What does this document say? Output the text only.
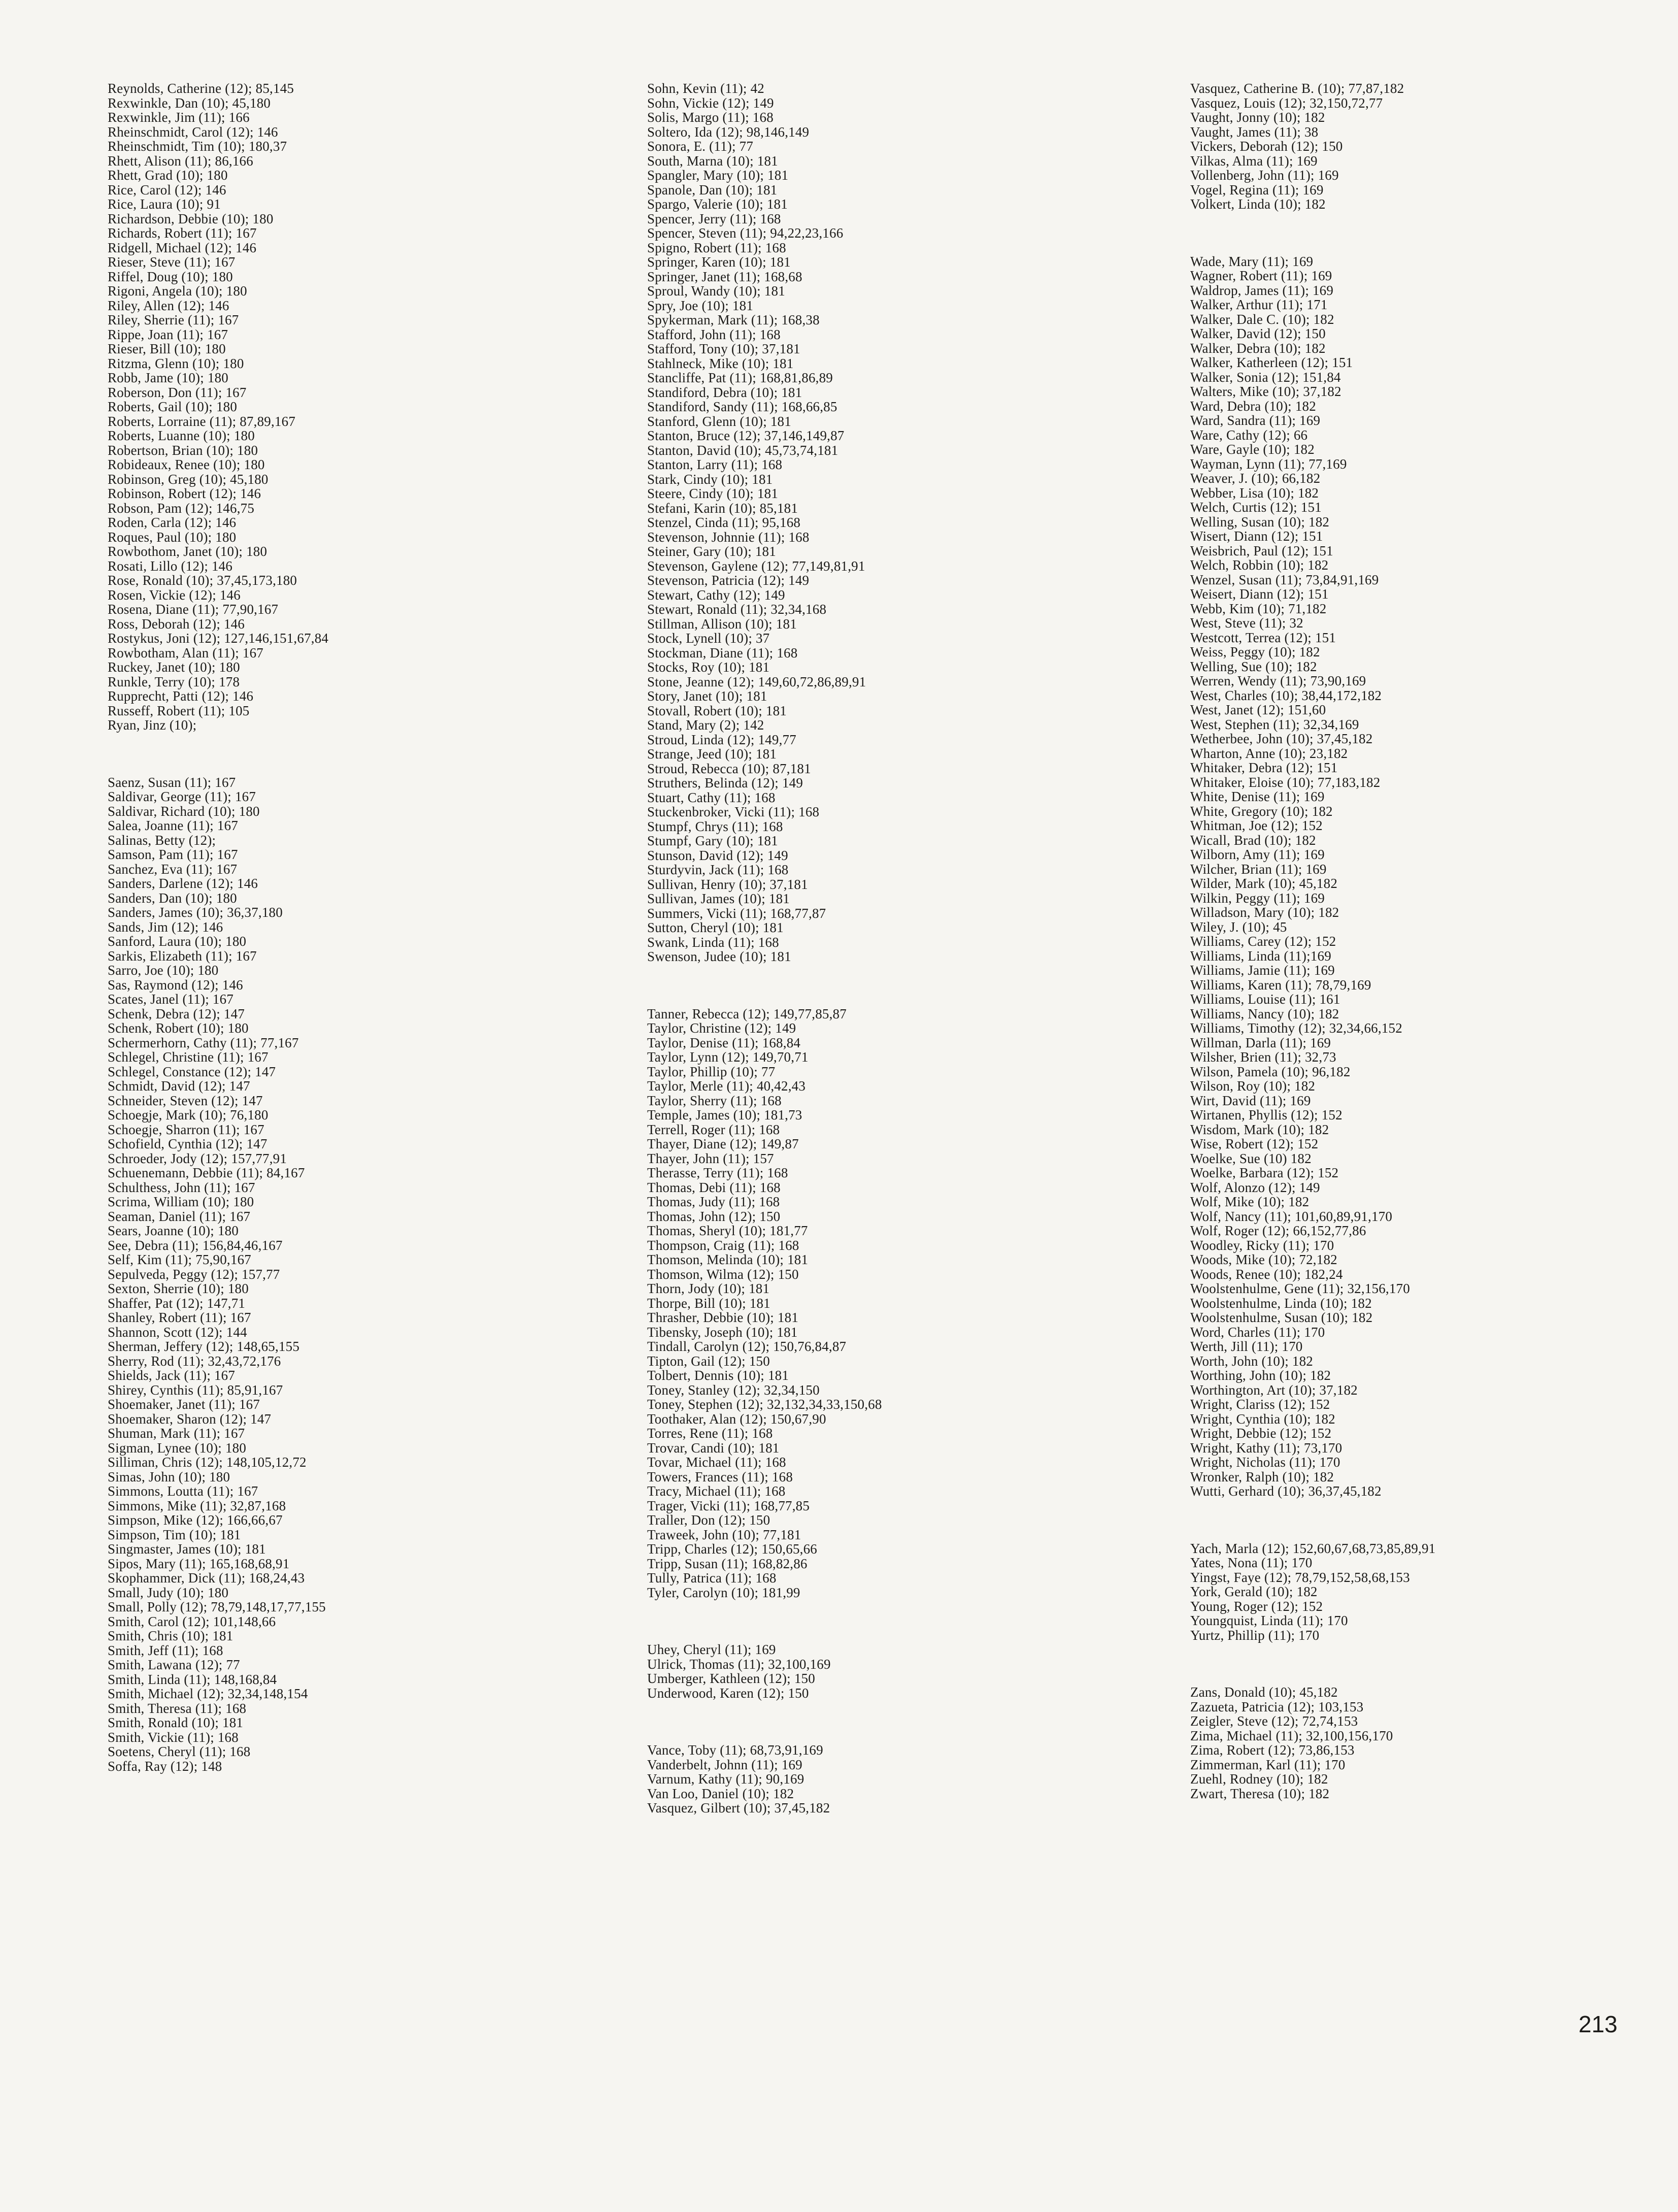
Reynolds, Catherine (12); 85,145
Rexwinkle, Dan (10); 45,180
Rexwinkle, Jim (11); 166
Rheinschmidt, Carol (12); 146
Rheinschmidt, Tim (10); 180,37
Rhett, Alison (11); 86,166
Rhett, Grad (10); 180
Rice, Carol (12); 146
Rice, Laura (10); 91
Richardson, Debbie (10); 180
Richards, Robert (11); 167
Ridgell, Michael (12); 146
Rieser, Steve (11); 167
Riffel, Doug (10); 180
Rigoni, Angela (10); 180
Riley, Allen (12); 146
Riley, Sherrie (11); 167
Rippe, Joan (11); 167
Rieser, Bill (10); 180
Ritzma, Glenn (10); 180
Robb, Jame (10); 180
Roberson, Don (11); 167
Roberts, Gail (10); 180
Roberts, Lorraine (11); 87,89,167
Roberts, Luanne (10); 180
Robertson, Brian (10); 180
Robideaux, Renee (10); 180
Robinson, Greg (10); 45,180
Robinson, Robert (12); 146
Robson, Pam (12); 146,75
Roden, Carla (12); 146
Roques, Paul (10); 180
Rowbothom, Janet (10); 180
Rosati, Lillo (12); 146
Rose, Ronald (10); 37,45,173,180
Rosen, Vickie (12); 146
Rosena, Diane (11); 77,90,167
Ross, Deborah (12); 146
Rostykus, Joni (12); 127,146,151,67,84
Rowbotham, Alan (11); 167
Ruckey, Janet (10); 180
Runkle, Terry (10); 178
Rupprecht, Patti (12); 146
Russeff, Robert (11); 105
Ryan, Jinz (10);
Saenz, Susan (11); 167
Saldivar, George (11); 167
Saldivar, Richard (10); 180
Salea, Joanne (11); 167
Salinas, Betty (12);
Samson, Pam (11); 167
Sanchez, Eva (11); 167
Sanders, Darlene (12); 146
Sanders, Dan (10); 180
Sanders, James (10); 36,37,180
Sands, Jim (12); 146
Sanford, Laura (10); 180
Sarkis, Elizabeth (11); 167
Sarro, Joe (10); 180
Sas, Raymond (12); 146
Scates, Janel (11); 167
Schenk, Debra (12); 147
Schenk, Robert (10); 180
Schermerhorn, Cathy (11); 77,167
Schlegel, Christine (11); 167
Schlegel, Constance (12); 147
Schmidt, David (12); 147
Schneider, Steven (12); 147
Schoegje, Mark (10); 76,180
Schoegje, Sharron (11); 167
Schofield, Cynthia (12); 147
Schroeder, Jody (12); 157,77,91
Schuenemann, Debbie (11); 84,167
Schulthess, John (11); 167
Scrima, William (10); 180
Seaman, Daniel (11); 167
Sears, Joanne (10); 180
See, Debra (11); 156,84,46,167
Self, Kim (11); 75,90,167
Sepulveda, Peggy (12); 157,77
Sexton, Sherrie (10); 180
Shaffer, Pat (12); 147,71
Shanley, Robert (11); 167
Shannon, Scott (12); 144
Sherman, Jeffery (12); 148,65,155
Sherry, Rod (11); 32,43,72,176
Shields, Jack (11); 167
Shirey, Cynthis (11); 85,91,167
Shoemaker, Janet (11); 167
Shoemaker, Sharon (12); 147
Shuman, Mark (11); 167
Sigman, Lynee (10); 180
Silliman, Chris (12); 148,105,12,72
Simas, John (10); 180
Simmons, Loutta (11); 167
Simmons, Mike (11); 32,87,168
Simpson, Mike (12); 166,66,67
Simpson, Tim (10); 181
Singmaster, James (10); 181
Sipos, Mary (11); 165,168,68,91
Skophammer, Dick (11); 168,24,43
Small, Judy (10); 180
Small, Polly (12); 78,79,148,17,77,155
Smith, Carol (12); 101,148,66
Smith, Chris (10); 181
Smith, Jeff (11); 168
Smith, Lawana (12); 77
Smith, Linda (11); 148,168,84
Smith, Michael (12); 32,34,148,154
Smith, Theresa (11); 168
Smith, Ronald (10); 181
Smith, Vickie (11); 168
Soetens, Cheryl (11); 168
Soffa, Ray (12); 148
Sohn, Kevin (11); 42
Sohn, Vickie (12); 149
Solis, Margo (11); 168
Soltero, Ida (12); 98,146,149
Sonora, E. (11); 77
South, Marna (10); 181
Spangler, Mary (10); 181
Spanole, Dan (10); 181
Spargo, Valerie (10); 181
Spencer, Jerry (11); 168
Spencer, Steven (11); 94,22,23,166
Spigno, Robert (11); 168
Springer, Karen (10); 181
Springer, Janet (11); 168,68
Sproul, Wandy (10); 181
Spry, Joe (10); 181
Spykerman, Mark (11); 168,38
Stafford, John (11); 168
Stafford, Tony (10); 37,181
Stahlneck, Mike (10); 181
Stancliffe, Pat (11); 168,81,86,89
Standiford, Debra (10); 181
Standiford, Sandy (11); 168,66,85
Stanford, Glenn (10); 181
Stanton, Bruce (12); 37,146,149,87
Stanton, David (10); 45,73,74,181
Stanton, Larry (11); 168
Stark, Cindy (10); 181
Steere, Cindy (10); 181
Stefani, Karin (10); 85,181
Stenzel, Cinda (11); 95,168
Stevenson, Johnnie (11); 168
Steiner, Gary (10); 181
Stevenson, Gaylene (12); 77,149,81,91
Stevenson, Patricia (12); 149
Stewart, Cathy (12); 149
Stewart, Ronald (11); 32,34,168
Stillman, Allison (10); 181
Stock, Lynell (10); 37
Stockman, Diane (11); 168
Stocks, Roy (10); 181
Stone, Jeanne (12); 149,60,72,86,89,91
Story, Janet (10); 181
Stovall, Robert (10); 181
Stand, Mary (2); 142
Stroud, Linda (12); 149,77
Strange, Jeed (10); 181
Stroud, Rebecca (10); 87,181
Struthers, Belinda (12); 149
Stuart, Cathy (11); 168
Stuckenbroker, Vicki (11); 168
Stumpf, Chrys (11); 168
Stumpf, Gary (10); 181
Stunson, David (12); 149
Sturdyvin, Jack (11); 168
Sullivan, Henry (10); 37,181
Sullivan, James (10); 181
Summers, Vicki (11); 168,77,87
Sutton, Cheryl (10); 181
Swank, Linda (11); 168
Swenson, Judee (10); 181
Tanner, Rebecca (12); 149,77,85,87
Taylor, Christine (12); 149
Taylor, Denise (11); 168,84
Taylor, Lynn (12); 149,70,71
Taylor, Phillip (10); 77
Taylor, Merle (11); 40,42,43
Taylor, Sherry (11); 168
Temple, James (10); 181,73
Terrell, Roger (11); 168
Thayer, Diane (12); 149,87
Thayer, John (11); 157
Therasse, Terry (11); 168
Thomas, Debi (11); 168
Thomas, Judy (11); 168
Thomas, John (12); 150
Thomas, Sheryl (10); 181,77
Thompson, Craig (11); 168
Thomson, Melinda (10); 181
Thomson, Wilma (12); 150
Thorn, Jody (10); 181
Thorpe, Bill (10); 181
Thrasher, Debbie (10); 181
Tibensky, Joseph (10); 181
Tindall, Carolyn (12); 150,76,84,87
Tipton, Gail (12); 150
Tolbert, Dennis (10); 181
Toney, Stanley (12); 32,34,150
Toney, Stephen (12); 32,132,34,33,150,68
Toothaker, Alan (12); 150,67,90
Torres, Rene (11); 168
Trovar, Candi (10); 181
Tovar, Michael (11); 168
Towers, Frances (11); 168
Tracy, Michael (11); 168
Trager, Vicki (11); 168,77,85
Traller, Don (12); 150
Traweek, John (10); 77,181
Tripp, Charles (12); 150,65,66
Tripp, Susan (11); 168,82,86
Tully, Patrica (11); 168
Tyler, Carolyn (10); 181,99
Uhey, Cheryl (11); 169
Ulrick, Thomas (11); 32,100,169
Umberger, Kathleen (12); 150
Underwood, Karen (12); 150
Vance, Toby (11); 68,73,91,169
Vanderbelt, Johnn (11); 169
Varnum, Kathy (11); 90,169
Van Loo, Daniel (10); 182
Vasquez, Gilbert (10); 37,45,182
Vasquez, Catherine B. (10); 77,87,182
Vasquez, Louis (12); 32,150,72,77
Vaught, Jonny (10); 182
Vaught, James (11); 38
Vickers, Deborah (12); 150
Vilkas, Alma (11); 169
Vollenberg, John (11); 169
Vogel, Regina (11); 169
Volkert, Linda (10); 182
Wade, Mary (11); 169
Wagner, Robert (11); 169
Waldrop, James (11); 169
Walker, Arthur (11); 171
Walker, Dale C. (10); 182
Walker, David (12); 150
Walker, Debra (10); 182
Walker, Katherleen (12); 151
Walker, Sonia (12); 151,84
Walters, Mike (10); 37,182
Ward, Debra (10); 182
Ward, Sandra (11); 169
Ware, Cathy (12); 66
Ware, Gayle (10); 182
Wayman, Lynn (11); 77,169
Weaver, J. (10); 66,182
Webber, Lisa (10); 182
Welch, Curtis (12); 151
Welling, Susan (10); 182
Wisert, Diann (12); 151
Weisbrich, Paul (12); 151
Welch, Robbin (10); 182
Wenzel, Susan (11); 73,84,91,169
Weisert, Diann (12); 151
Webb, Kim (10); 71,182
West, Steve (11); 32
Westcott, Terrea (12); 151
Weiss, Peggy (10); 182
Welling, Sue (10); 182
Werren, Wendy (11); 73,90,169
West, Charles (10); 38,44,172,182
West, Janet (12); 151,60
West, Stephen (11); 32,34,169
Wetherbee, John (10); 37,45,182
Wharton, Anne (10); 23,182
Whitaker, Debra (12); 151
Whitaker, Eloise (10); 77,183,182
White, Denise (11); 169
White, Gregory (10); 182
Whitman, Joe (12); 152
Wicall, Brad (10); 182
Wilborn, Amy (11); 169
Wilcher, Brian (11); 169
Wilder, Mark (10); 45,182
Wilkin, Peggy (11); 169
Willadson, Mary (10); 182
Wiley, J. (10); 45
Williams, Carey (12); 152
Williams, Linda (11);169
Williams, Jamie (11); 169
Williams, Karen (11); 78,79,169
Williams, Louise (11); 161
Williams, Nancy (10); 182
Williams, Timothy (12); 32,34,66,152
Willman, Darla (11); 169
Wilsher, Brien (11); 32,73
Wilson, Pamela (10); 96,182
Wilson, Roy (10); 182
Wirt, David (11); 169
Wirtanen, Phyllis (12); 152
Wisdom, Mark (10); 182
Wise, Robert (12); 152
Woelke, Sue (10) 182
Woelke, Barbara (12); 152
Wolf, Alonzo (12); 149
Wolf, Mike (10); 182
Wolf, Nancy (11); 101,60,89,91,170
Wolf, Roger (12); 66,152,77,86
Woodley, Ricky (11); 170
Woods, Mike (10); 72,182
Woods, Renee (10); 182,24
Woolstenhulme, Gene (11); 32,156,170
Woolstenhulme, Linda (10); 182
Woolstenhulme, Susan (10); 182
Word, Charles (11); 170
Werth, Jill (11); 170
Worth, John (10); 182
Worthing, John (10); 182
Worthington, Art (10); 37,182
Wright, Clariss (12); 152
Wright, Cynthia (10); 182
Wright, Debbie (12); 152
Wright, Kathy (11); 73,170
Wright, Nicholas (11); 170
Wronker, Ralph (10); 182
Wutti, Gerhard (10); 36,37,45,182
Yach, Marla (12); 152,60,67,68,73,85,89,91
Yates, Nona (11); 170
Yingst, Faye (12); 78,79,152,58,68,153
York, Gerald (10); 182
Young, Roger (12); 152
Youngquist, Linda (11); 170
Yurtz, Phillip (11); 170
Zans, Donald (10); 45,182
Zazueta, Patricia (12); 103,153
Zeigler, Steve (12); 72,74,153
Zima, Michael (11); 32,100,156,170
Zima, Robert (12); 73,86,153
Zimmerman, Karl (11); 170
Zuehl, Rodney (10); 182
Zwart, Theresa (10); 182
213
